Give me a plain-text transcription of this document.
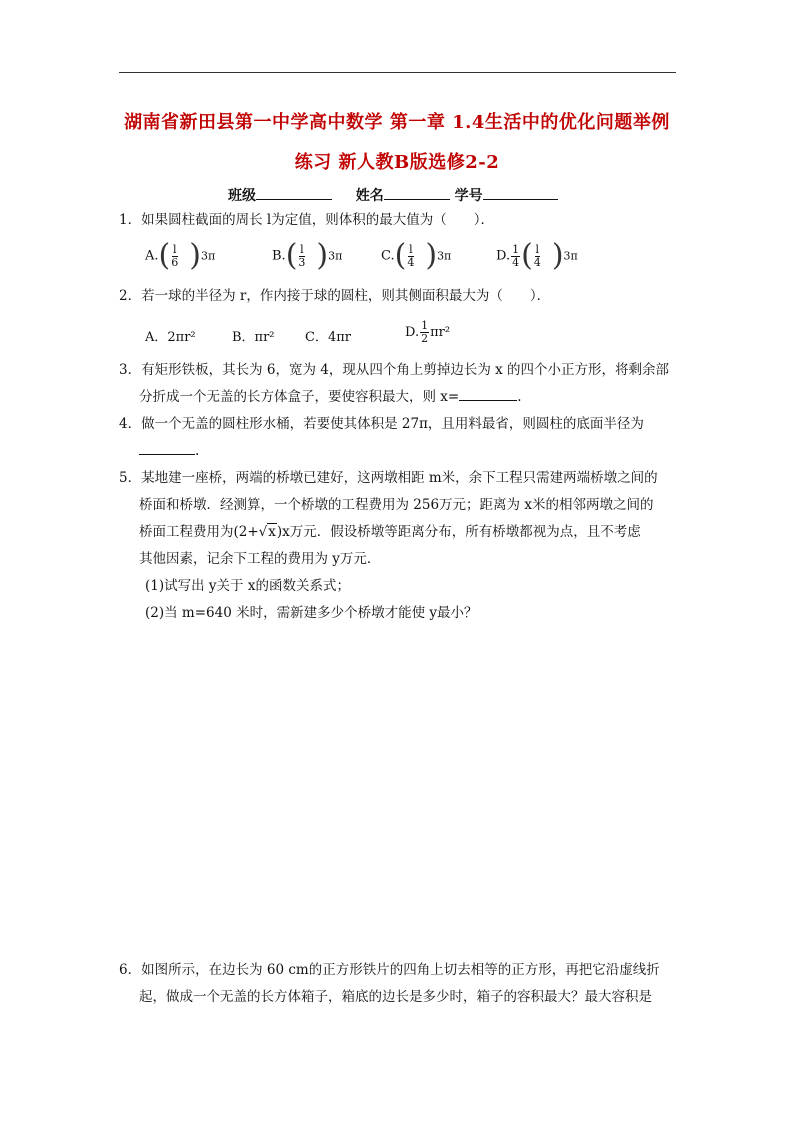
湖南省新田县第一中学高中数学 第一章 1.4生活中的优化问题举例
练习 新人教B版选修2-2
班级	姓名	学号
1．如果圆柱截面的周长 l为定值，则体积的最大值为（　　）．
$A.( \frac{l}{6} )3\pi$	$B.( \frac{l}{3} )3\pi$	$C.( \frac{l}{4} )3\pi$	D. $\frac{1}{4}$ ( $\frac{l}{4} )3\pi$
2．若一球的半径为 r，作内接于球的圆柱，则其侧面积最大为（　　）．
A．2πr²	B．πr² C．4πr	D. $\frac{1}{2} \pi r^2$
3．有矩形铁板，其长为 6，宽为 4，现从四个角上剪掉边长为 x 的四个小正方形，将剩余部
分折成一个无盖的长方体盒子，要使容积最大，则 x=	.
4．做一个无盖的圆柱形水桶，若要使其体积是 27π，且用料最省，则圆柱的底面半径为
.
5．某地建一座桥，两端的桥墩已建好，这两墩相距 m米，余下工程只需建两端桥墩之间的
桥面和桥墩．经测算，一个桥墩的工程费用为 256万元；距离为 x米的相邻两墩之间的
桥面工程费用为(2+√x)x万元．假设桥墩等距离分布，所有桥墩都视为点，且不考虑
其他因素，记余下工程的费用为 y万元．
(1)试写出 y关于 x的函数关系式；
(2)当 m=640 米时，需新建多少个桥墩才能使 y最小？
6．如图所示，在边长为 60 cm的正方形铁片的四角上切去相等的正方形，再把它沿虚线折
起，做成一个无盖的长方体箱子，箱底的边长是多少时，箱子的容积最大？最大容积是
